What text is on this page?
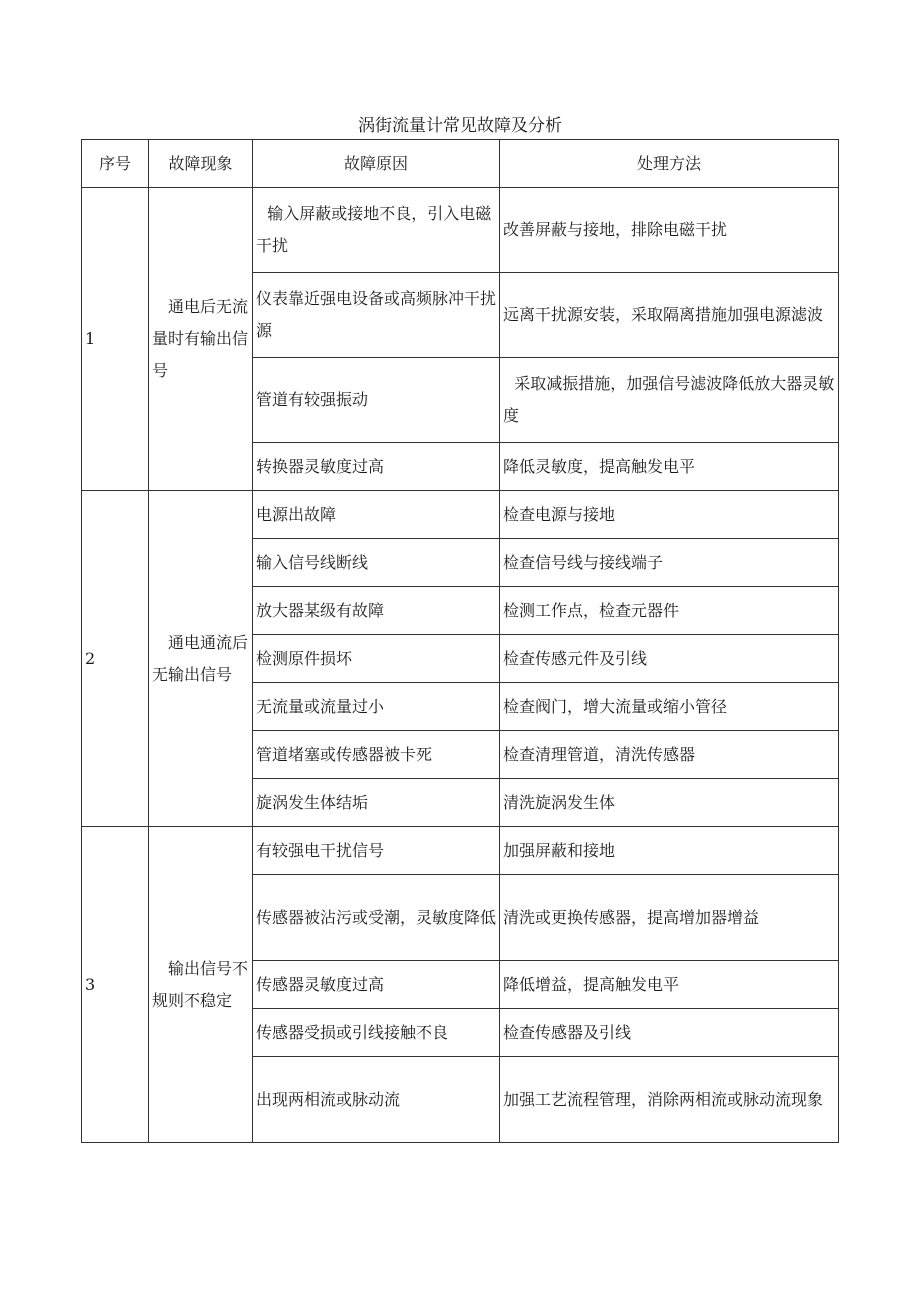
涡街流量计常见故障及分析
序号	故障现象	故障原因	处理方法
1	通电后无流量时有输出信号	输入屏蔽或接地不良，引入电磁干扰	改善屏蔽与接地，排除电磁干扰
		仪表靠近强电设备或高频脉冲干扰源	远离干扰源安装，采取隔离措施加强电源滤波
		管道有较强振动	采取减振措施，加强信号滤波降低放大器灵敏度
		转换器灵敏度过高	降低灵敏度，提高触发电平
2	通电通流后无输出信号	电源出故障	检查电源与接地
		输入信号线断线	检查信号线与接线端子
		放大器某级有故障	检测工作点，检查元器件
		检测原件损坏	检查传感元件及引线
		无流量或流量过小	检查阀门，增大流量或缩小管径
		管道堵塞或传感器被卡死	检查清理管道，清洗传感器
		旋涡发生体结垢	清洗旋涡发生体
3	输出信号不规则不稳定	有较强电干扰信号	加强屏蔽和接地
		传感器被沾污或受潮，灵敏度降低	清洗或更换传感器，提高增加器增益
		传感器灵敏度过高	降低增益，提高触发电平
		传感器受损或引线接触不良	检查传感器及引线
		出现两相流或脉动流	加强工艺流程管理，消除两相流或脉动流现象
